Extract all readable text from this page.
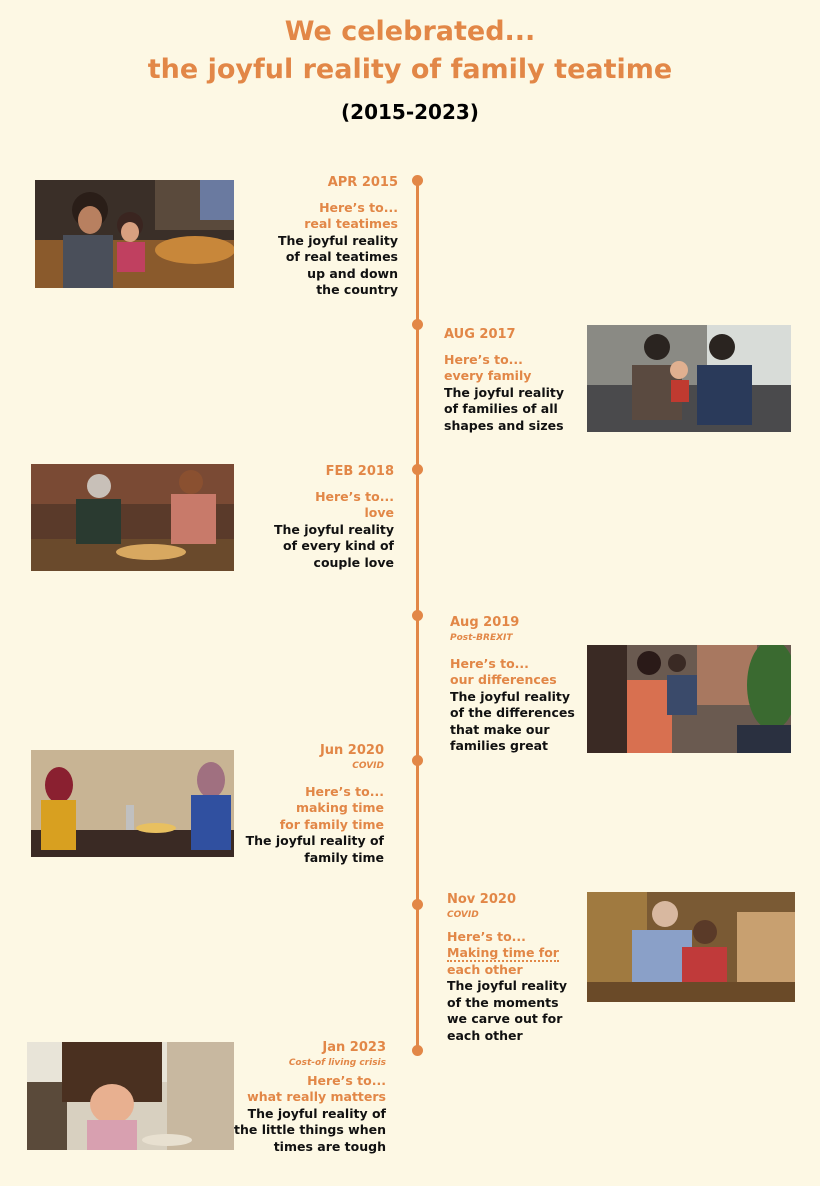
We celebrated...
the joyful reality of family teatime
(2015-2023)
APR 2015
Here’s to...
real teatimes
The joyful reality
of real teatimes
up and down
the country
AUG 2017
Here’s to...
every family
The joyful reality
of families of all
shapes and sizes
FEB 2018
Here’s to...
love
The joyful reality
of every kind of
couple love
Aug 2019
Post-BREXIT
Here’s to...
our differences
The joyful reality
of the differences
that make our
families great
Jun 2020
COVID
Here’s to...
making time
for family time
The joyful reality of
family time
Nov 2020
COVID
Here’s to...
Making time for
each other
The joyful reality
of the moments
we carve out for
each other
Jan 2023
Cost-of living crisis
Here’s to...
what really matters
The joyful reality of
the little things when
times are tough
